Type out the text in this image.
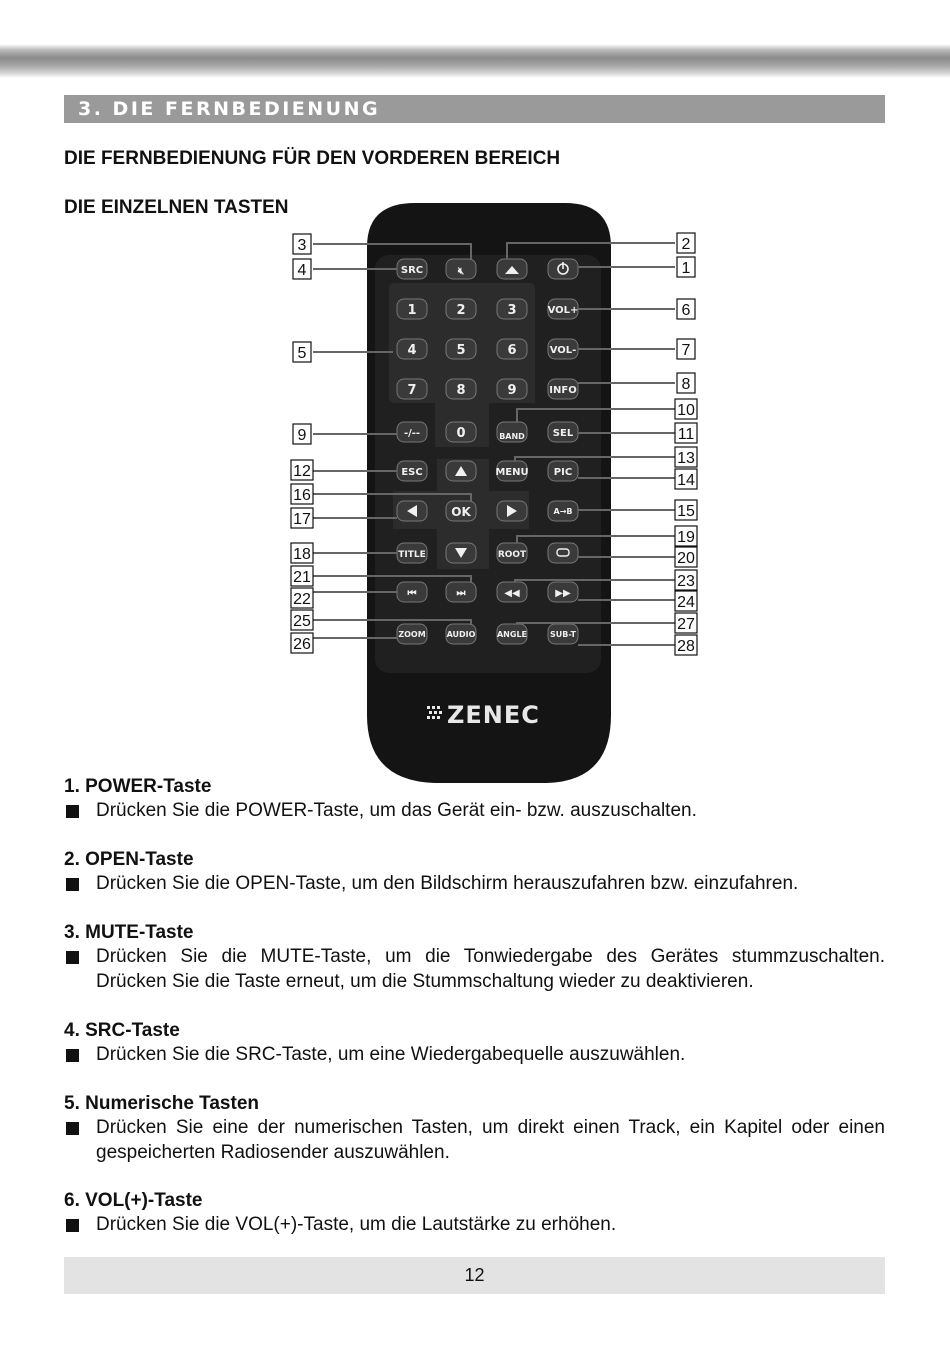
3. DIE FERNBEDIENUNG
DIE FERNBEDIENUNG FÜR DEN VORDEREN BEREICH
DIE EINZELNEN TASTEN
SRC	🔇︎
1	2	3	VOL+
4	5	6	VOL-
7	8	9	INFO
-/--	0	BAND	SEL
ESC	MENU	PIC
OK	A→B
TITLE	ROOT
⏮	⏭	◀◀	▶▶
ZOOM	AUDIO	ANGLE	SUB-T
ZENEC
3
4
5
9
12
16
17
18
21
22
25
26
2
1
6
7
8
10
11
13
14
15
19
20
23
24
27
28
1. POWER-Taste
Drücken Sie die POWER-Taste, um das Gerät ein- bzw. auszuschalten.
2. OPEN-Taste
Drücken Sie die OPEN-Taste, um den Bildschirm herauszufahren bzw. einzufahren.
3. MUTE-Taste
Drücken Sie die MUTE-Taste, um die Tonwiedergabe des Gerätes stummzuschalten. Drücken Sie die Taste erneut, um die Stummschaltung wieder zu deaktivieren.
4. SRC-Taste
Drücken Sie die SRC-Taste, um eine Wiedergabequelle auszuwählen.
5. Numerische Tasten
Drücken Sie eine der numerischen Tasten, um direkt einen Track, ein Kapitel oder einen gespeicherten Radiosender auszuwählen.
6. VOL(+)-Taste
Drücken Sie die VOL(+)-Taste, um die Lautstärke zu erhöhen.
12
